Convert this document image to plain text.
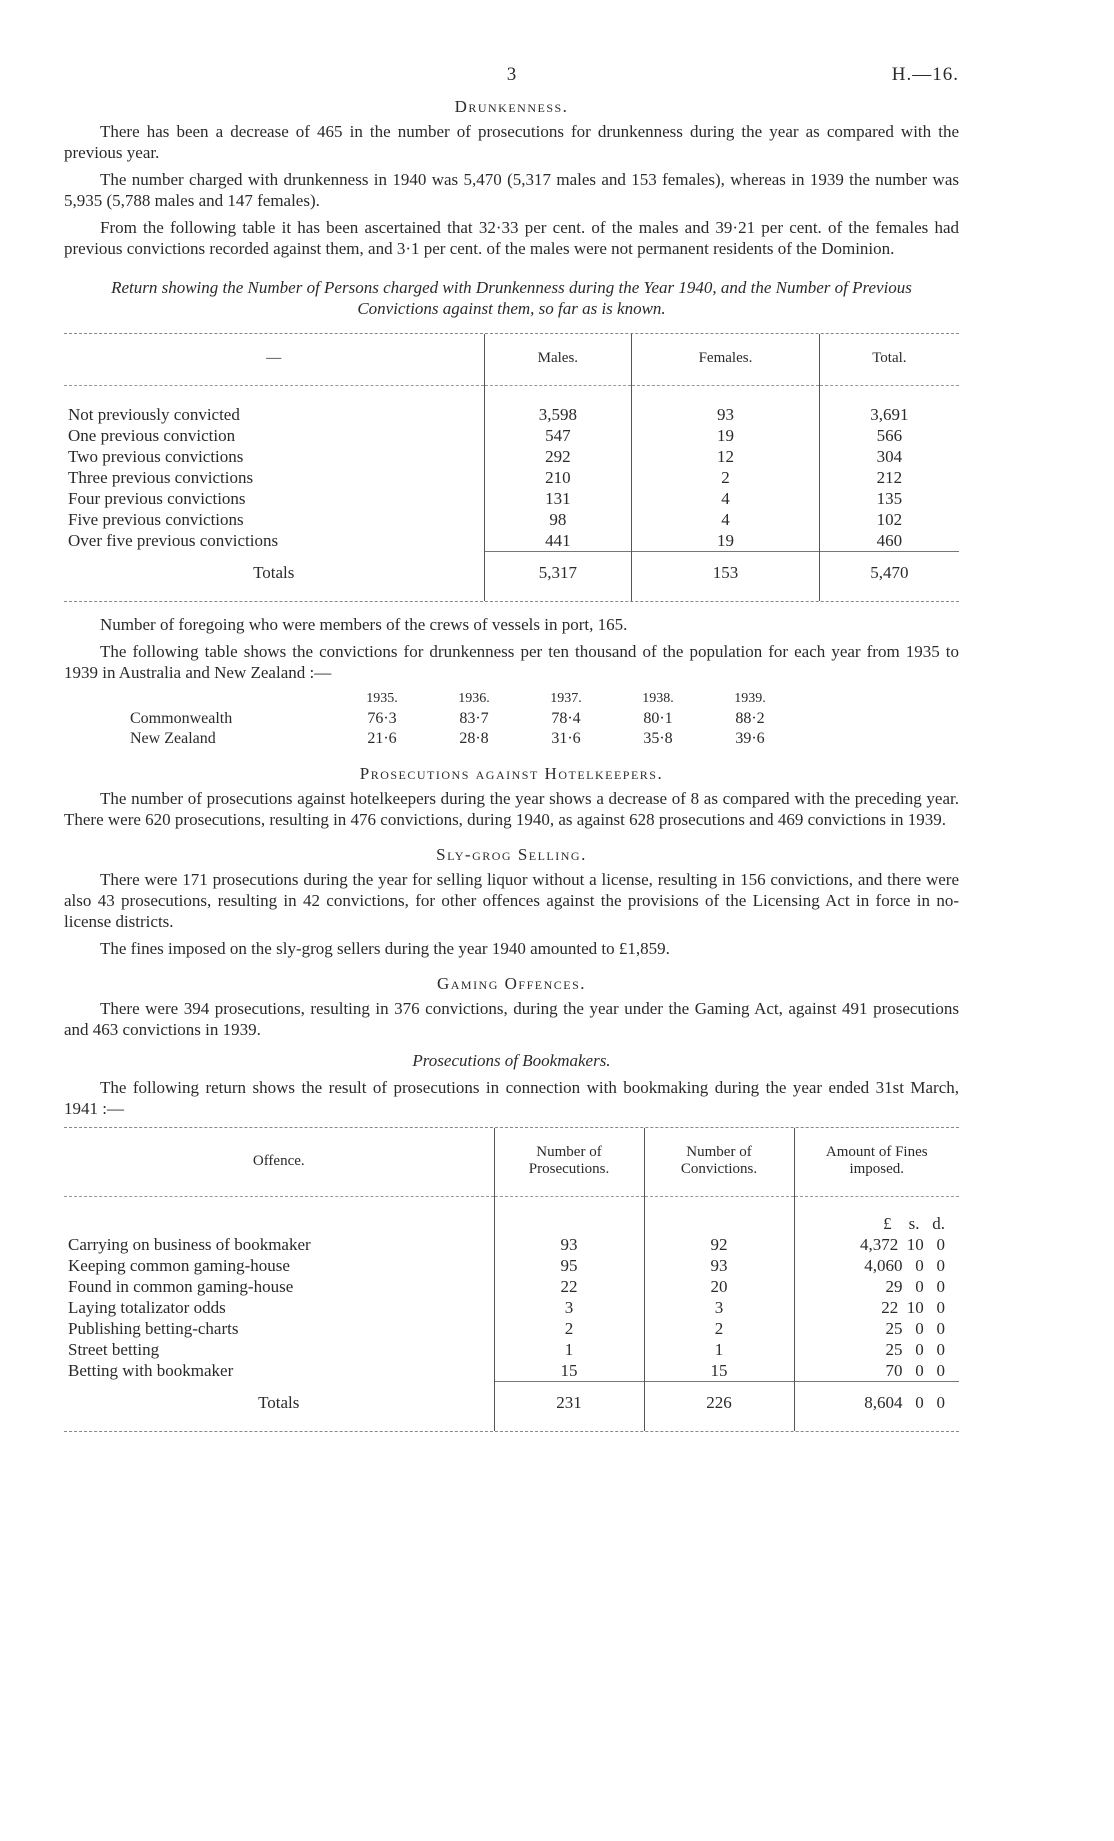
3	H.—16.
Drunkenness.

There has been a decrease of 465 in the number of prosecutions for drunkenness during the year as compared with the previous year.

The number charged with drunkenness in 1940 was 5,470 (5,317 males and 153 females), whereas in 1939 the number was 5,935 (5,788 males and 147 females).

From the following table it has been ascertained that 32·33 per cent. of the males and 39·21 per cent. of the females had previous convictions recorded against them, and 3·1 per cent. of the males were not permanent residents of the Dominion.

Return showing the Number of Persons charged with Drunkenness during the Year 1940, and the Number of Previous Convictions against them, so far as is known.
—	Males.	Females.	Total.
Not previously convicted	3,598	93	3,691
One previous conviction	547	19	566
Two previous convictions	292	12	304
Three previous convictions	210	2	212
Four previous convictions	131	4	135
Five previous convictions	98	4	102
Over five previous convictions	441	19	460
Totals	5,317	153	5,470

Number of foregoing who were members of the crews of vessels in port, 165.

The following table shows the convictions for drunkenness per ten thousand of the population for each year from 1935 to 1939 in Australia and New Zealand :—

	1935.	1936.	1937.	1938.	1939.
Commonwealth	76·3	83·7	78·4	80·1	88·2
New Zealand	21·6	28·8	31·6	35·8	39·6
Prosecutions against Hotelkeepers.

The number of prosecutions against hotelkeepers during the year shows a decrease of 8 as compared with the preceding year. There were 620 prosecutions, resulting in 476 convictions, during 1940, as against 628 prosecutions and 469 convictions in 1939.

Sly-grog Selling.

There were 171 prosecutions during the year for selling liquor without a license, resulting in 156 convictions, and there were also 43 prosecutions, resulting in 42 convictions, for other offences against the provisions of the Licensing Act in force in no-license districts.

The fines imposed on the sly-grog sellers during the year 1940 amounted to £1,859.

Gaming Offences.

There were 394 prosecutions, resulting in 376 convictions, during the year under the Gaming Act, against 491 prosecutions and 463 convictions in 1939.

Prosecutions of Bookmakers.

The following return shows the result of prosecutions in connection with bookmaking during the year ended 31st March, 1941 :—

Offence.	Number of Prosecutions.	Number of Convictions.	Amount of Fines imposed.
			£    s.   d.
Carrying on business of bookmaker	93	92	4,372  10   0
Keeping common gaming-house	95	93	4,060   0   0
Found in common gaming-house	22	20	29   0   0
Laying totalizator odds	3	3	22  10   0
Publishing betting-charts	2	2	25   0   0
Street betting	1	1	25   0   0
Betting with bookmaker	15	15	70   0   0
Totals	231	226	8,604   0   0
